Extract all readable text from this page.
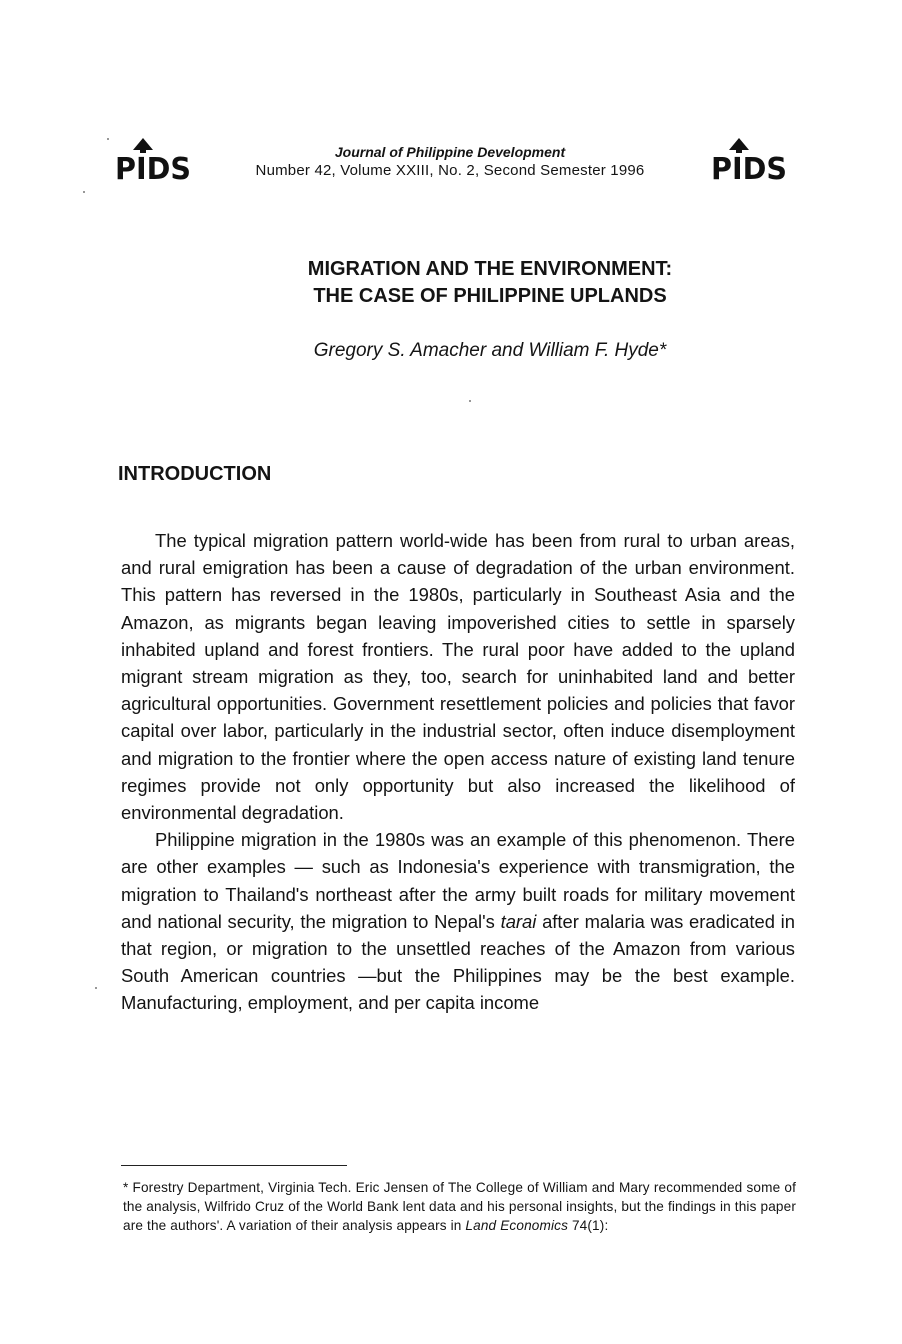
PIDS	Journal of Philippine Development
Number 42, Volume XXIII, No. 2, Second Semester 1996	PIDS
MIGRATION AND THE ENVIRONMENT:
THE CASE OF PHILIPPINE UPLANDS
Gregory S. Amacher and William F. Hyde*
INTRODUCTION

The typical migration pattern world-wide has been from rural to urban areas, and rural emigration has been a cause of degradation of the urban environment. This pattern has reversed in the 1980s, particularly in Southeast Asia and the Amazon, as migrants began leaving impoverished cities to settle in sparsely inhabited upland and forest frontiers. The rural poor have added to the upland migrant stream migration as they, too, search for uninhabited land and better agricultural opportunities. Government resettlement policies and policies that favor capital over labor, particularly in the industrial sector, often induce disemployment and migration to the frontier where the open access nature of existing land tenure regimes provide not only opportunity but also increased the likelihood of environmental degradation.

Philippine migration in the 1980s was an example of this phenomenon. There are other examples — such as Indonesia's experience with transmigration, the migration to Thailand's northeast after the army built roads for military movement and national security, the migration to Nepal's tarai after malaria was eradicated in that region, or migration to the unsettled reaches of the Amazon from various South American countries —but the Philippines may be the best example. Manufacturing, employment, and per capita income

* Forestry Department, Virginia Tech. Eric Jensen of The College of William and Mary recommended some of the analysis, Wilfrido Cruz of the World Bank lent data and his personal insights, but the findings in this paper are the authors'. A variation of their analysis appears in Land Economics 74(1):
